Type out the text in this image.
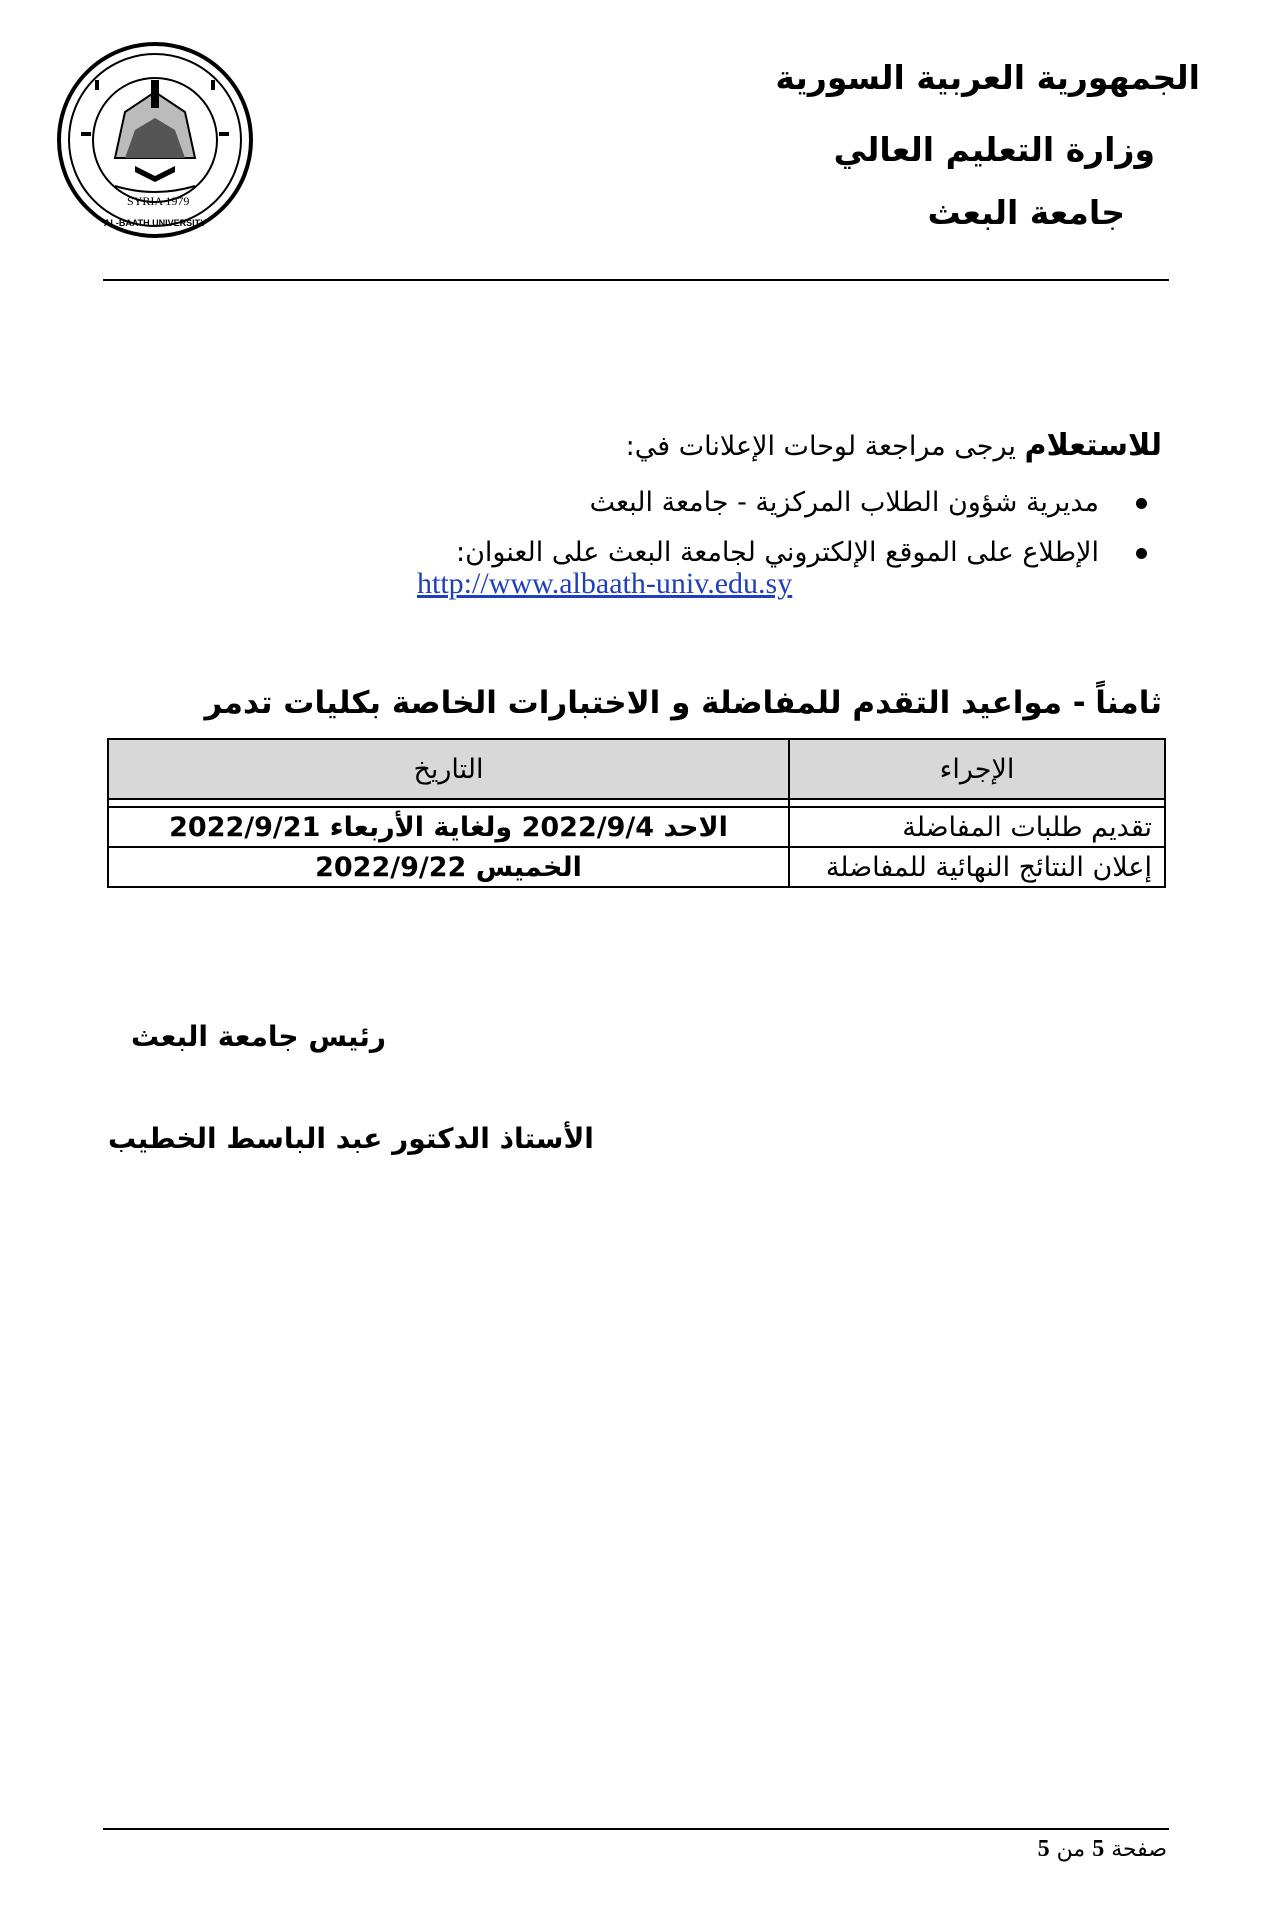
SYRIA 1979
AL-BAATH UNIVERSITY
الجمهورية العربية السورية
وزارة التعليم العالي
جامعة البعث
للاستعلام يرجى مراجعة لوحات الإعلانات في:
مديرية شؤون الطلاب المركزية - جامعة البعث
الإطلاع على الموقع الإلكتروني لجامعة البعث على العنوان:
http://www.albaath-univ.edu.sy
ثامناً - مواعيد التقدم للمفاضلة و الاختبارات الخاصة بكليات تدمر
الإجراء	التاريخ

تقديم طلبات المفاضلة	الاحد 2022/9/4 ولغاية الأربعاء 2022/9/21
إعلان النتائج النهائية للمفاضلة	الخميس 2022/9/22
رئيس جامعة البعث
الأستاذ الدكتور عبد الباسط الخطيب
صفحة 5 من 5
